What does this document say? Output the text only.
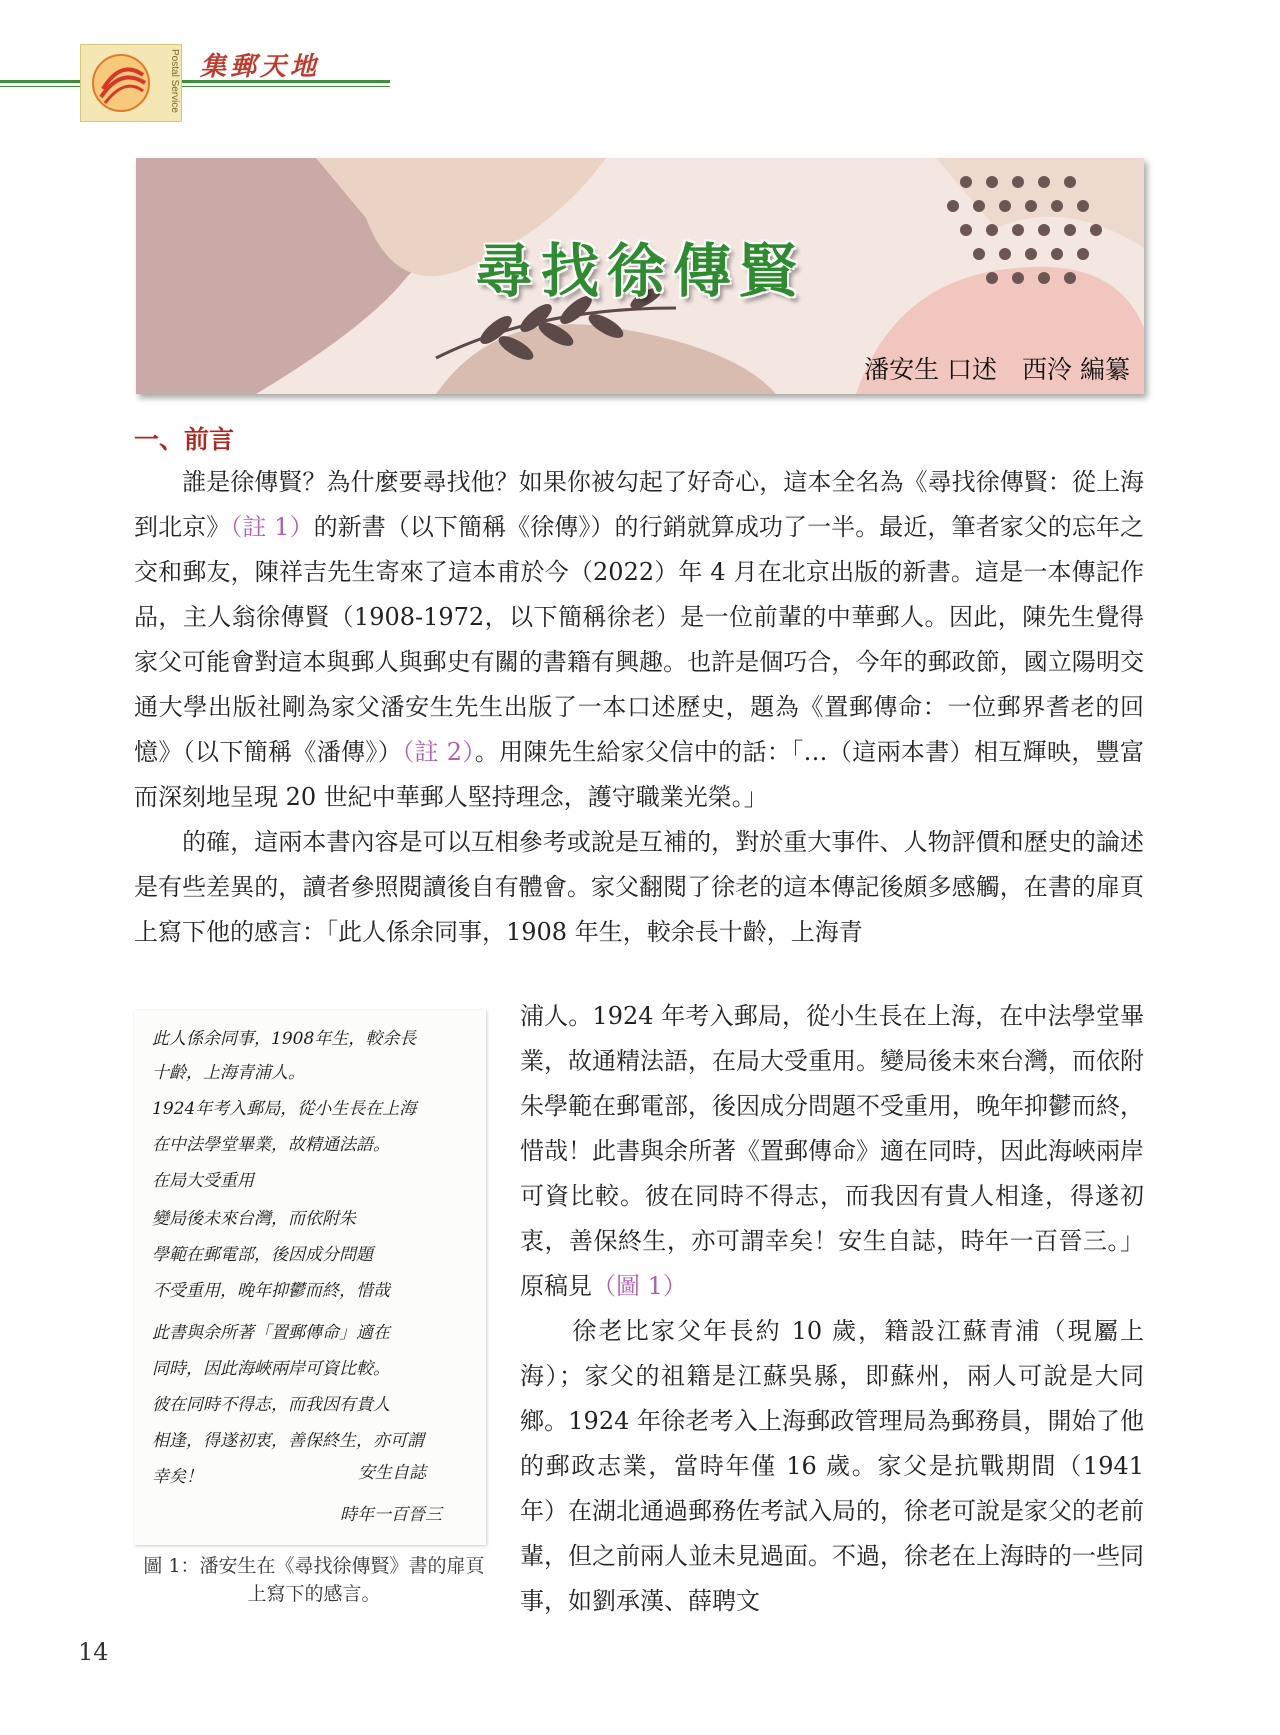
Postal Service 集郵天地
尋找徐傳賢
潘安生 口述　西泠 編纂
一、前言

　　誰是徐傳賢？為什麼要尋找他？如果你被勾起了好奇心，這本全名為《尋找徐傳賢：從上海到北京》（註 1）的新書（以下簡稱《徐傳》）的行銷就算成功了一半。最近，筆者家父的忘年之交和郵友，陳祥吉先生寄來了這本甫於今（2022）年 4 月在北京出版的新書。這是一本傳記作品，主人翁徐傳賢（1908-1972，以下簡稱徐老）是一位前輩的中華郵人。因此，陳先生覺得家父可能會對這本與郵人與郵史有關的書籍有興趣。也許是個巧合，今年的郵政節，國立陽明交通大學出版社剛為家父潘安生先生出版了一本口述歷史，題為《置郵傳命：一位郵界耆老的回憶》（以下簡稱《潘傳》）（註 2）。用陳先生給家父信中的話：「…（這兩本書）相互輝映，豐富而深刻地呈現 20 世紀中華郵人堅持理念，護守職業光榮。」
　　的確，這兩本書內容是可以互相參考或說是互補的，對於重大事件、人物評價和歷史的論述是有些差異的，讀者參照閱讀後自有體會。家父翻閱了徐老的這本傳記後頗多感觸，在書的扉頁上寫下他的感言：「此人係余同事，1908 年生，較余長十齡，上海青

浦人。1924 年考入郵局，從小生長在上海，在中法學堂畢業，故通精法語，在局大受重用。變局後未來台灣，而依附朱學範在郵電部，後因成分問題不受重用，晚年抑鬱而終，惜哉！此書與余所著《置郵傳命》適在同時，因此海峽兩岸可資比較。彼在同時不得志，而我因有貴人相逢，得遂初衷，善保終生，亦可謂幸矣！安生自誌，時年一百晉三。」原稿見（圖 1）
　　徐老比家父年長約 10 歲，籍設江蘇青浦（現屬上海）；家父的祖籍是江蘇吳縣，即蘇州，兩人可說是大同鄉。1924 年徐老考入上海郵政管理局為郵務員，開始了他的郵政志業，當時年僅 16 歲。家父是抗戰期間（1941 年）在湖北通過郵務佐考試入局的，徐老可說是家父的老前輩，但之前兩人並未見過面。不過，徐老在上海時的一些同事，如劉承漢、薛聘文

此人係余同事，1908年生，較余長
十齡，上海青浦人。
1924年考入郵局，從小生長在上海
在中法學堂畢業，故精通法語。
在局大受重用
變局後未來台灣，而依附朱
學範在郵電部，後因成分問題
不受重用，晚年抑鬱而終，惜哉
此書與余所著「置郵傳命」適在
同時，因此海峽兩岸可資比較。
彼在同時不得志，而我因有貴人
相逢，得遂初衷，善保終生，亦可謂
幸矣！	安生自誌
時年一百晉三
圖 1：潘安生在《尋找徐傳賢》書的扉頁上寫下的感言。
14
